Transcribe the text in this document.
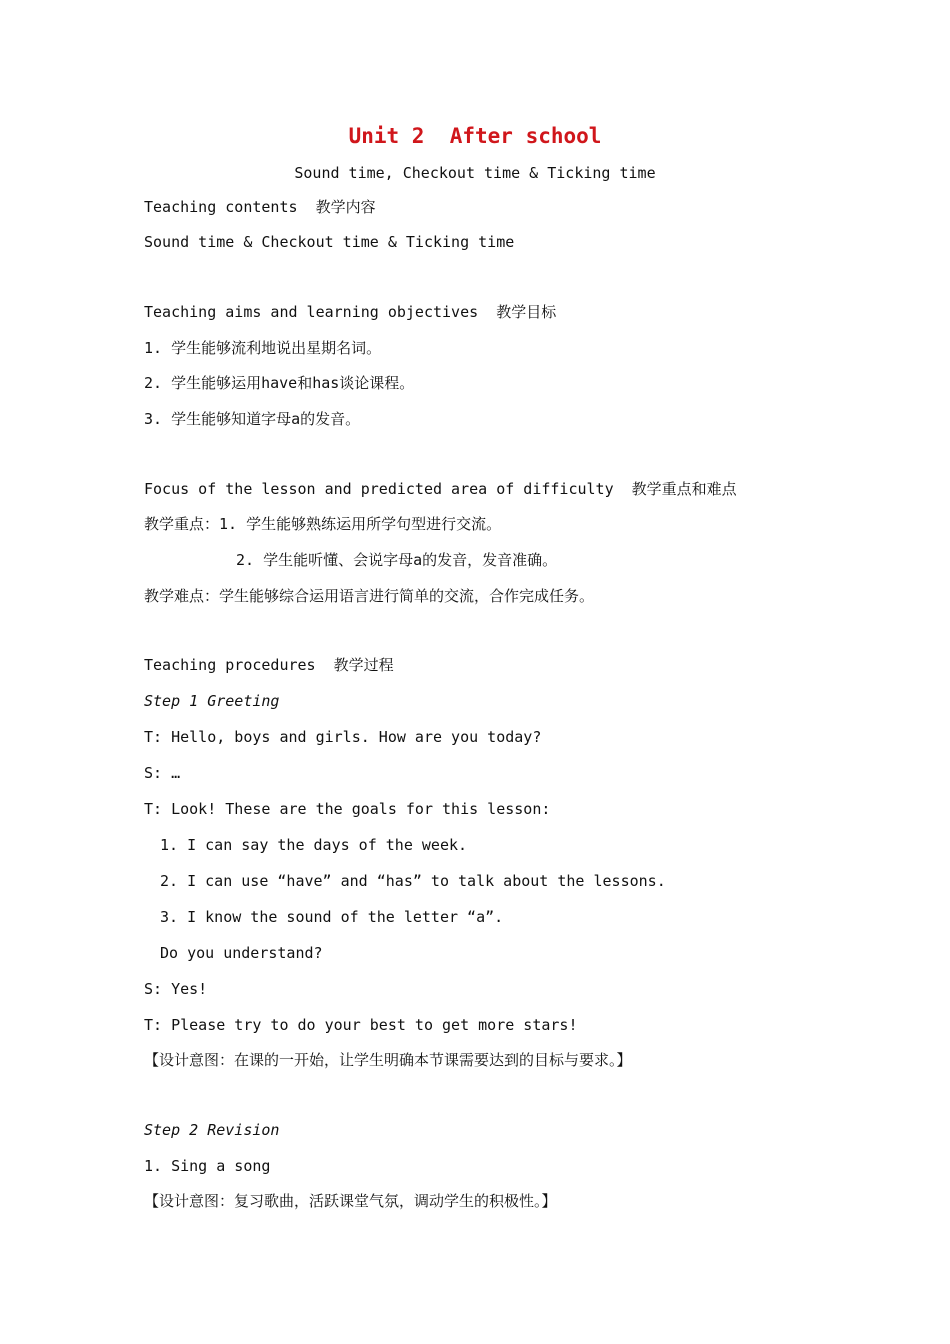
Unit 2  After school
Sound time, Checkout time & Ticking time
Teaching contents  教学内容
Sound time & Checkout time & Ticking time
Teaching aims and learning objectives  教学目标
1. 学生能够流利地说出星期名词。
2. 学生能够运用have和has谈论课程。
3. 学生能够知道字母a的发音。
Focus of the lesson and predicted area of difficulty  教学重点和难点
教学重点：1. 学生能够熟练运用所学句型进行交流。
2. 学生能听懂、会说字母a的发音，发音准确。
教学难点：学生能够综合运用语言进行简单的交流，合作完成任务。
Teaching procedures  教学过程
Step 1 Greeting
T: Hello, boys and girls. How are you today?
S: …
T: Look! These are the goals for this lesson:
1. I can say the days of the week.
2. I can use “have” and “has” to talk about the lessons.
3. I know the sound of the letter “a”.
Do you understand?
S: Yes!
T: Please try to do your best to get more stars!
【设计意图：在课的一开始，让学生明确本节课需要达到的目标与要求。】
Step 2 Revision
1. Sing a song
【设计意图：复习歌曲，活跃课堂气氛，调动学生的积极性。】
